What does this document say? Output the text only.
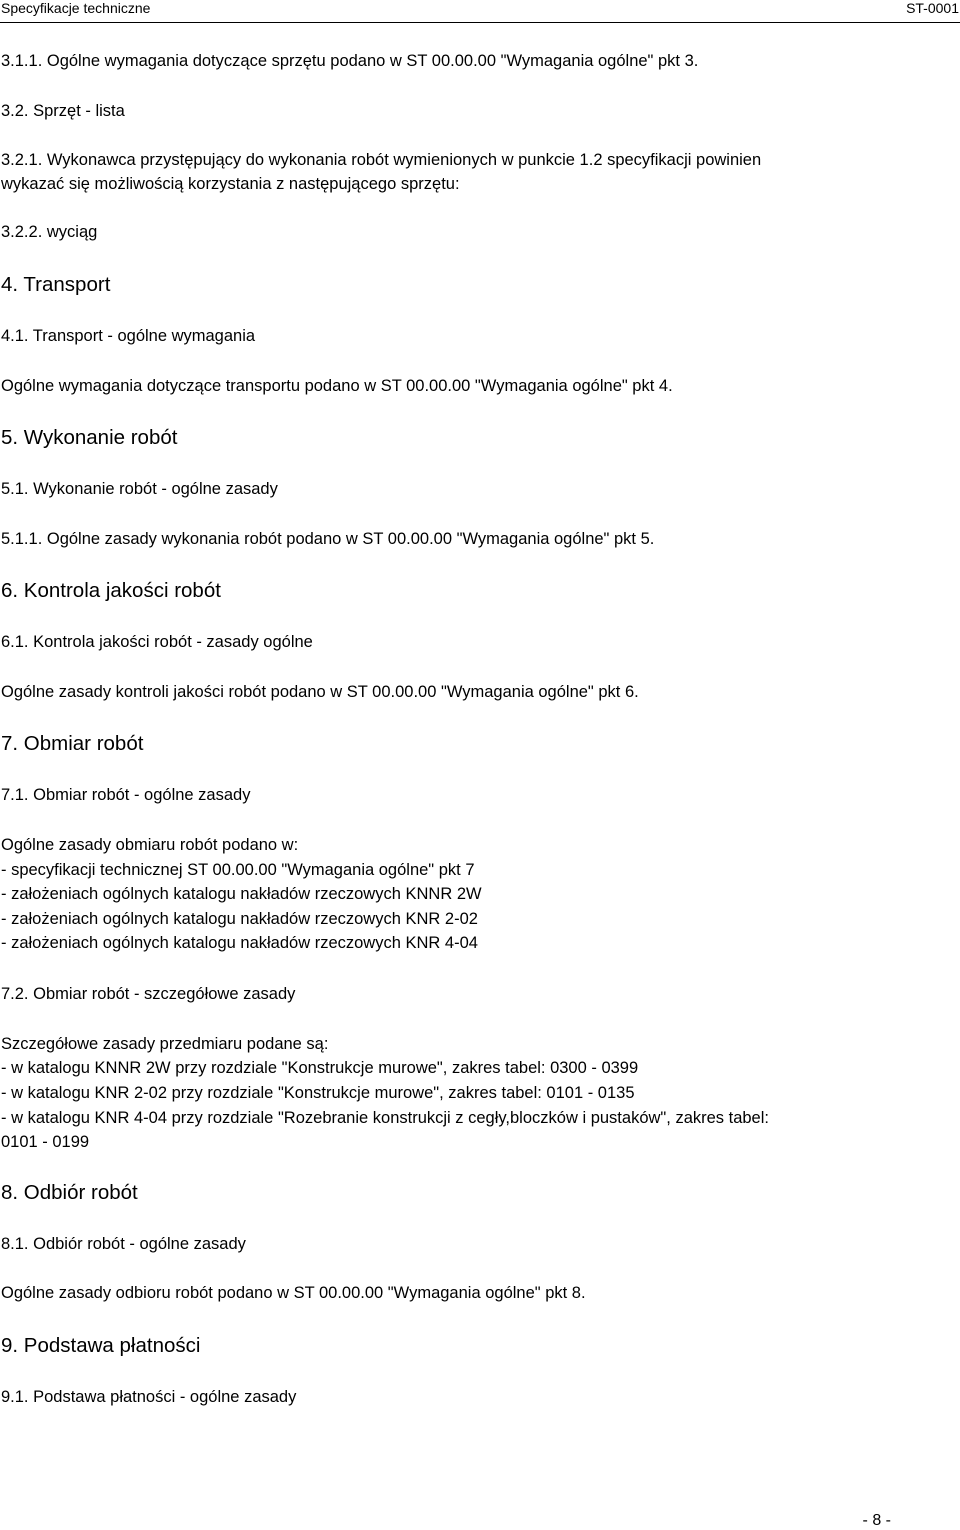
Specyfikacje techniczne	ST-0001
3.1.1. Ogólne wymagania dotyczące sprzętu podano w ST 00.00.00 "Wymagania ogólne" pkt 3.
3.2. Sprzęt - lista
3.2.1. Wykonawca przystępujący do wykonania robót wymienionych w punkcie 1.2 specyfikacji powinien
wykazać się możliwością korzystania z następującego sprzętu:
3.2.2. wyciąg
4. Transport
4.1. Transport - ogólne wymagania
Ogólne wymagania dotyczące transportu podano w ST 00.00.00 "Wymagania ogólne" pkt 4.
5. Wykonanie robót
5.1. Wykonanie robót - ogólne zasady
5.1.1. Ogólne zasady wykonania robót podano w ST 00.00.00 "Wymagania ogólne" pkt 5.
6. Kontrola jakości robót
6.1. Kontrola jakości robót - zasady ogólne
Ogólne zasady kontroli jakości robót podano w ST 00.00.00 "Wymagania ogólne" pkt 6.
7. Obmiar robót
7.1. Obmiar robót - ogólne zasady
Ogólne zasady obmiaru robót podano w:
- specyfikacji technicznej ST 00.00.00 "Wymagania ogólne" pkt 7
- założeniach ogólnych katalogu nakładów rzeczowych KNNR 2W
- założeniach ogólnych katalogu nakładów rzeczowych KNR 2-02
- założeniach ogólnych katalogu nakładów rzeczowych KNR 4-04
7.2. Obmiar robót - szczegółowe zasady
Szczegółowe zasady przedmiaru podane są:
- w katalogu KNNR 2W przy rozdziale "Konstrukcje murowe", zakres tabel: 0300 - 0399
- w katalogu KNR 2-02 przy rozdziale "Konstrukcje murowe", zakres tabel: 0101 - 0135
- w katalogu KNR 4-04 przy rozdziale "Rozebranie konstrukcji z cegły,bloczków i pustaków", zakres tabel:
0101 - 0199
8. Odbiór robót
8.1. Odbiór robót - ogólne zasady
Ogólne zasady odbioru robót podano w ST 00.00.00 "Wymagania ogólne" pkt 8.
9. Podstawa płatności
9.1. Podstawa płatności - ogólne zasady
- 8 -
